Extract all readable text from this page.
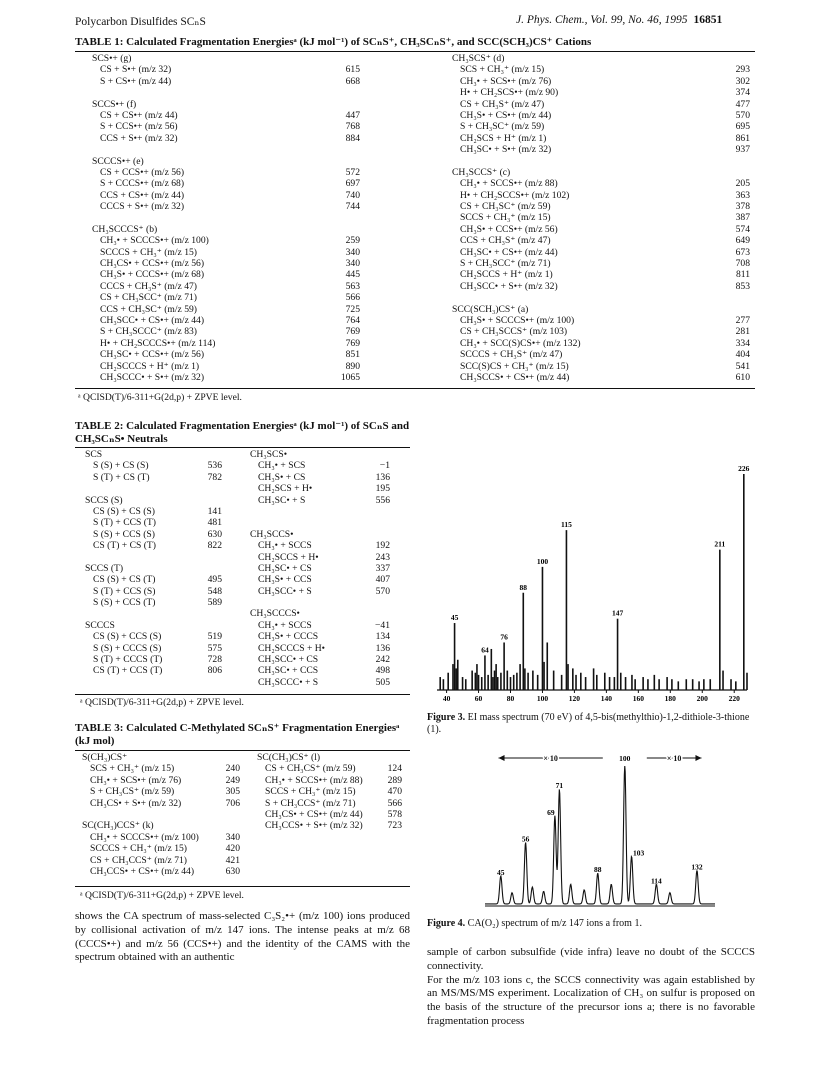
Polycarbon Disulfides SCₙS	J. Phys. Chem., Vol. 99, No. 46, 1995 16851
TABLE 1: Calculated Fragmentation Energiesᵃ (kJ mol⁻¹) of SCₙS⁺, CH₃SCₙS⁺, and SCC(SCH₃)CS⁺ Cations
SCS•+ (g)
CS + S•+ (m/z 32)	615
S + CS•+ (m/z 44)	668
SCCS•+ (f)
CS + CS•+ (m/z 44)	447
S + CCS•+ (m/z 56)	768
CCS + S•+ (m/z 32)	884
SCCCS•+ (e)
CS + CCS•+ (m/z 56)	572
S + CCCS•+ (m/z 68)	697
CCS + CS•+ (m/z 44)	740
CCCS + S•+ (m/z 32)	744
CH₃SCCCS⁺ (b)
CH₃• + SCCCS•+ (m/z 100)	259
SCCCS + CH₃⁺ (m/z 15)	340
CH₃CS• + CCS•+ (m/z 56)	340
CH₃S• + CCCS•+ (m/z 68)	445
CCCS + CH₃S⁺ (m/z 47)	563
CS + CH₃SCC⁺ (m/z 71)	566
CCS + CH₃SC⁺ (m/z 59)	725
CH₃SCC• + CS•+ (m/z 44)	764
S + CH₃SCCC⁺ (m/z 83)	769
H• + CH₂SCCCS•+ (m/z 114)	769
CH₃SC• + CCS•+ (m/z 56)	851
CH₂SCCCS + H⁺ (m/z 1)	890
CH₃SCCC• + S•+ (m/z 32)	1065
CH₃SCS⁺ (d)
SCS + CH₃⁺ (m/z 15)	293
CH₃• + SCS•+ (m/z 76)	302
H• + CH₂SCS•+ (m/z 90)	374
CS + CH₃S⁺ (m/z 47)	477
CH₃S• + CS•+ (m/z 44)	570
S + CH₃SC⁺ (m/z 59)	695
CH₂SCS + H⁺ (m/z 1)	861
CH₃SC• + S•+ (m/z 32)	937
CH₃SCCS⁺ (c)
CH₃• + SCCS•+ (m/z 88)	205
H• + CH₂SCCS•+ (m/z 102)	363
CS + CH₃SC⁺ (m/z 59)	378
SCCS + CH₃⁺ (m/z 15)	387
CH₃S• + CCS•+ (m/z 56)	574
CCS + CH₃S⁺ (m/z 47)	649
CH₃SC• + CS•+ (m/z 44)	673
S + CH₃SCC⁺ (m/z 71)	708
CH₂SCCS + H⁺ (m/z 1)	811
CH₃SCC• + S•+ (m/z 32)	853
SCC(SCH₃)CS⁺ (a)
CH₃S• + SCCCS•+ (m/z 100)	277
CS + CH₃SCCS⁺ (m/z 103)	281
CH₃• + SCC(S)CS•+ (m/z 132)	334
SCCCS + CH₃S⁺ (m/z 47)	404
SCC(S)CS + CH₃⁺ (m/z 15)	541
CH₃SCCS• + CS•+ (m/z 44)	610
ᵃ QCISD(T)/6-311+G(2d,p) + ZPVE level.
TABLE 2: Calculated Fragmentation Energiesᵃ (kJ mol⁻¹) of SCₙS and CH₃SCₙS• Neutrals
SCS
S (S) + CS (S)	536
S (T) + CS (T)	782
SCCS (S)
CS (S) + CS (S)	141
S (T) + CCS (T)	481
S (S) + CCS (S)	630
CS (T) + CS (T)	822
SCCS (T)
CS (S) + CS (T)	495
S (T) + CCS (S)	548
S (S) + CCS (T)	589
SCCCS
CS (S) + CCS (S)	519
S (S) + CCCS (S)	575
S (T) + CCCS (T)	728
CS (T) + CCS (T)	806
CH₃SCS•
CH₃• + SCS	−1
CH₃S• + CS	136
CH₂SCS + H•	195
CH₃SC• + S	556
CH₃SCCS•
CH₃• + SCCS	192
CH₂SCCS + H•	243
CH₃SC• + CS	337
CH₃S• + CCS	407
CH₃SCC• + S	570
CH₃SCCCS•
CH₃• + SCCS	−41
CH₃S• + CCCS	134
CH₂SCCCS + H•	136
CH₃SCC• + CS	242
CH₃SC• + CCS	498
CH₃SCCC• + S	505
ᵃ QCISD(T)/6-311+G(2d,p) + ZPVE level.
TABLE 3: Calculated C-Methylated SCₙS⁺ Fragmentation Energiesᵃ (kJ mol)
S(CH₃)CS⁺
SCS + CH₃⁺ (m/z 15)	240
CH₃• + SCS•+ (m/z 76)	249
S + CH₃CS⁺ (m/z 59)	305
CH₃CS• + S•+ (m/z 32)	706
SC(CH₃)CCS⁺ (k)
CH₃• + SCCCS•+ (m/z 100)	340
SCCCS + CH₃⁺ (m/z 15)	420
CS + CH₃CCS⁺ (m/z 71)	421
CH₃CCS• + CS•+ (m/z 44)	630
SC(CH₃)CS⁺ (l)
CS + CH₃CS⁺ (m/z 59)	124
CH₃• + SCCS•+ (m/z 88)	289
SCCS + CH₃⁺ (m/z 15)	470
S + CH₃CCS⁺ (m/z 71)	566
CH₃CS• + CS•+ (m/z 44)	578
CH₃CCS• + S•+ (m/z 32)	723
ᵃ QCISD(T)/6-311+G(2d,p) + ZPVE level.
shows the CA spectrum of mass-selected C₃S₂•+ (m/z 100) ions produced by collisional activation of m/z 147 ions. The intense peaks at m/z 68 (CCCS•+) and m/z 56 (CCS•+) and the identity of the CAMS with the spectrum obtained with an authentic	sample of carbon subsulfide (vide infra) leave no doubt of the SCCCS connectivity.
For the m/z 103 ions c, the SCCS connectivity was again established by an MS/MS/MS experiment. Localization of CH₃ on sulfur is proposed on the basis of the structure of the precursor ions a; there is no favorable fragmentation process
40	60	80	100	120	140	160	180	200	220
45
64
76
88
100
115
147
211
226
Figure 3. EI mass spectrum (70 eV) of 4,5-bis(methylthio)-1,2-dithiole-3-thione (1).
× 10	× 10
45
56
69
71
88
100
103
114
132
Figure 4. CA(O₂) spectrum of m/z 147 ions a from 1.
